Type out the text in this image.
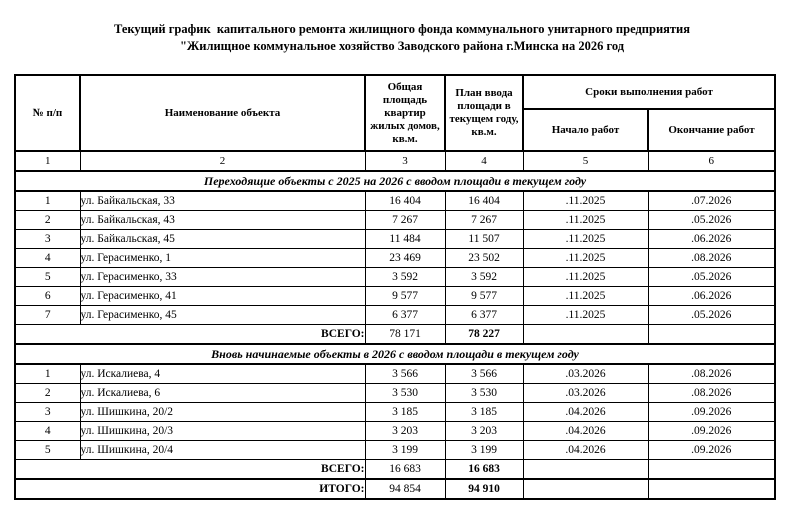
Текущий график  капитального ремонта жилищного фонда коммунального унитарного предприятия
"Жилищное коммунальное хозяйство Заводского района г.Минска на 2026 год
№ п/п	Наименование объекта	Общая площадь квартир жилых домов, кв.м.	План ввода площади в текущем году, кв.м.	Сроки выполнения работ	
				Начало работ	Окончание работ
1	2	3	4	5	6
Переходящие объекты с 2025 на 2026 с вводом площади в текущем году					
1	ул. Байкальская, 33	16 404	16 404	.11.2025	.07.2026
2	ул. Байкальская, 43	7 267	7 267	.11.2025	.05.2026
3	ул. Байкальская, 45	11 484	11 507	.11.2025	.06.2026
4	ул. Герасименко, 1	23 469	23 502	.11.2025	.08.2026
5	ул. Герасименко, 33	3 592	3 592	.11.2025	.05.2026
6	ул. Герасименко, 41	9 577	9 577	.11.2025	.06.2026
7	ул. Герасименко, 45	6 377	6 377	.11.2025	.05.2026
ВСЕГО:		78 171	78 227		
Вновь начинаемые объекты в 2026 с вводом площади в текущем году					
1	ул. Искалиева, 4	3 566	3 566	.03.2026	.08.2026
2	ул. Искалиева, 6	3 530	3 530	.03.2026	.08.2026
3	ул. Шишкина, 20/2	3 185	3 185	.04.2026	.09.2026
4	ул. Шишкина, 20/3	3 203	3 203	.04.2026	.09.2026
5	ул. Шишкина, 20/4	3 199	3 199	.04.2026	.09.2026
ВСЕГО:		16 683	16 683		
ИТОГО:		94 854	94 910		
